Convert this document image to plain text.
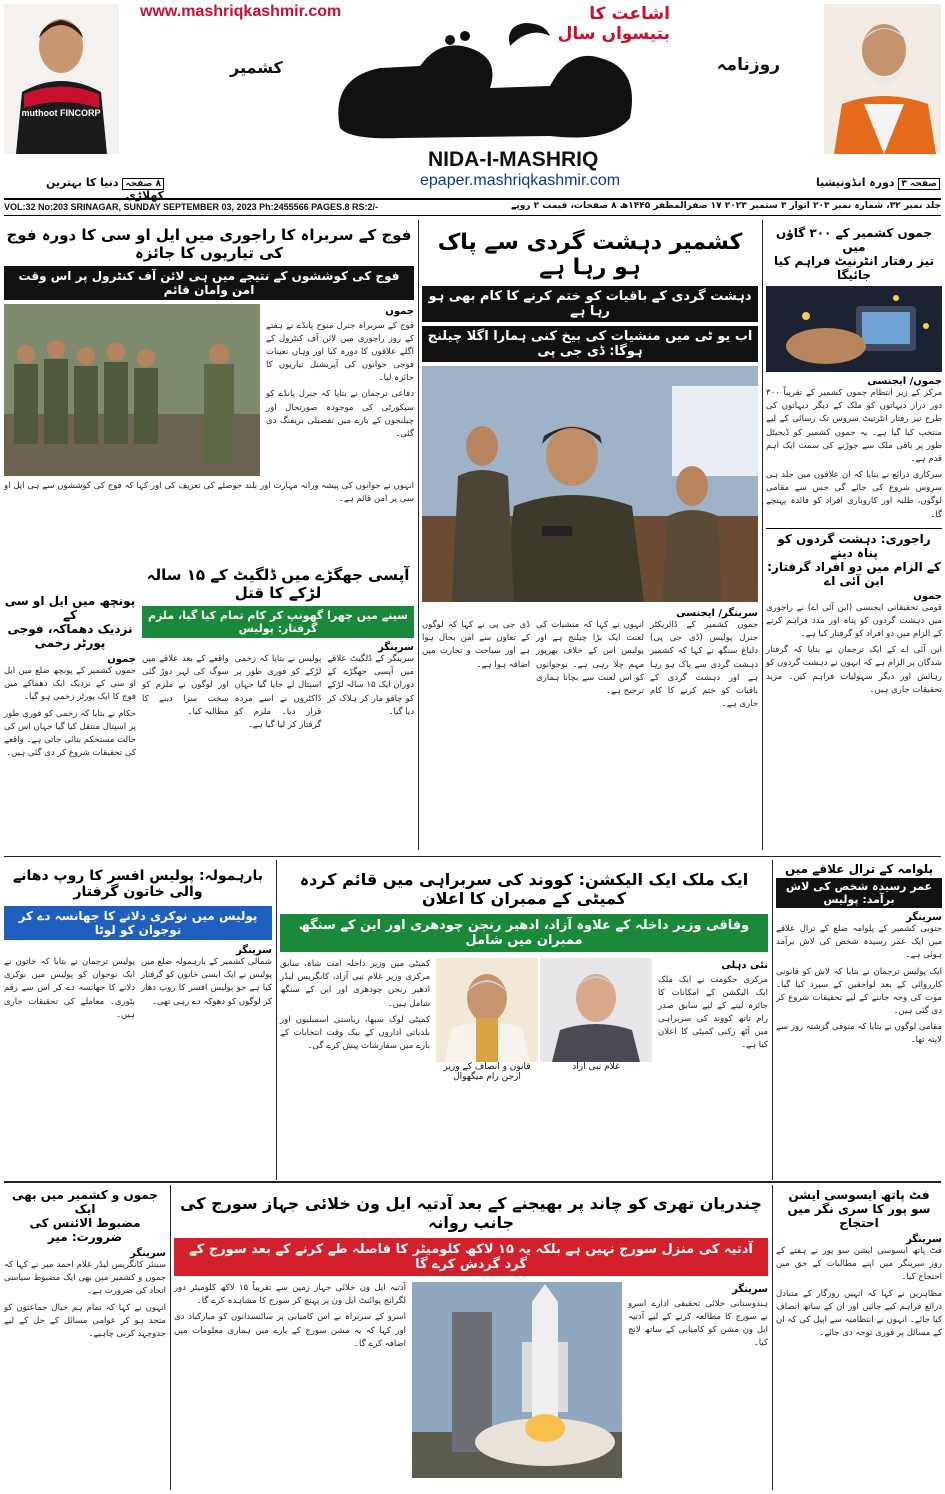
muthoot FINCORP
www.mashriqkashmir.com	اشاعت کا بتیسواں سال
روزنامہ
کشمیر
NIDA-I-MASHRIQ
epaper.mashriqkashmir.com
۸ صفحہ دنیا کا بہترین کھلاڑی
صفحہ ۳ دورہ انڈونیشیا
VOL:32 No:203 SRINAGAR, SUNDAY SEPTEMBER 03, 2023 Ph:2455566 PAGES.8 RS:2/-	جلد نمبر ۳۲، شمارہ نمبر ۲۰۳ اتوار ۳ ستمبر ۲۰۲۳ ۱۷ صفرالمظفر ۱۴۴۵ھ ۸ صفحات، قیمت ۲ روپے
جموں کشمیر کے ۳۰۰ گاؤں میں
تیز رفتار انٹرنیٹ فراہم کیا جائیگا
جموں/ ایجنسی

مرکز کے زیر انتظام جموں کشمیر کے تقریباً ۳۰۰ دور دراز دیہاتوں کو ملک کے دیگر دیہاتوں کی طرح تیز رفتار انٹرنیٹ سروس تک رسائی کے لیے منتخب کیا گیا ہے۔ یہ جموں کشمیر کو ڈیجیٹل طور پر باقی ملک سے جوڑنے کی سمت ایک اہم قدم ہے۔

سرکاری ذرائع نے بتایا کہ ان علاقوں میں جلد ہی سروس شروع کی جائے گی جس سے مقامی لوگوں، طلبہ اور کاروباری افراد کو فائدہ پہنچے گا۔

راجوری: دہشت گردوں کو پناہ دینے
کے الزام میں دو افراد گرفتار: این آئی اے
جموں

قومی تحقیقاتی ایجنسی (این آئی اے) نے راجوری میں دہشت گردوں کو پناہ اور مدد فراہم کرنے کے الزام میں دو افراد کو گرفتار کیا ہے۔

این آئی اے کے ایک ترجمان نے بتایا کہ گرفتار شدگان پر الزام ہے کہ انہوں نے دہشت گردوں کو رہائش اور دیگر سہولیات فراہم کیں۔ مزید تحقیقات جاری ہیں۔

کشمیر دہشت گردی سے پاک ہو رہا ہے
دہشت گردی کے باقیات کو ختم کرنے کا کام بھی ہو رہا ہے
اب یو ٹی میں منشیات کی بیخ کنی ہمارا اگلا چیلنج ہوگا: ڈی جی پی
سرینگر/ ایجنسی

جموں کشمیر کے ڈائریکٹر جنرل پولیس (ڈی جی پی) دلباغ سنگھ نے کہا کہ کشمیر دہشت گردی سے پاک ہو رہا ہے اور دہشت گردی کے باقیات کو ختم کرنے کا کام جاری ہے۔

انہوں نے کہا کہ منشیات کی لعنت ایک بڑا چیلنج ہے اور پولیس اس کے خلاف بھرپور مہم چلا رہی ہے۔ نوجوانوں کو اس لعنت سے بچانا ہماری ترجیح ہے۔

ڈی جی پی نے کہا کہ لوگوں کے تعاون سے امن بحال ہوا ہے اور سیاحت و تجارت میں اضافہ ہوا ہے۔

فوج کے سربراہ کا راجوری میں ایل او سی کا دورہ فوج کی تیاریوں کا جائزہ
فوج کی کوششوں کے نتیجے میں ہی لائن آف کنٹرول پر اس وقت امن وامان قائم
جموں

فوج کے سربراہ جنرل منوج پانڈے نے ہفتے کے روز راجوری میں لائن آف کنٹرول کے اگلے علاقوں کا دورہ کیا اور وہاں تعینات فوجی جوانوں کی آپریشنل تیاریوں کا جائزہ لیا۔

دفاعی ترجمان نے بتایا کہ جنرل پانڈے کو سیکورٹی کی موجودہ صورتحال اور چیلنجوں کے بارے میں تفصیلی بریفنگ دی گئی۔

انہوں نے جوانوں کی پیشہ ورانہ مہارت اور بلند حوصلے کی تعریف کی اور کہا کہ فوج کی کوششوں سے ہی ایل او سی پر امن قائم ہے۔

پونچھ میں ایل او سی کے
نزدیک دھماکہ، فوجی پورٹر زخمی
جموں

جموں کشمیر کے پونچھ ضلع میں ایل او سی کے نزدیک ایک دھماکے میں فوج کا ایک پورٹر زخمی ہو گیا۔

حکام نے بتایا کہ زخمی کو فوری طور پر اسپتال منتقل کیا گیا جہاں اس کی حالت مستحکم بتائی جاتی ہے۔ واقعے کی تحقیقات شروع کر دی گئی ہیں۔

آپسی جھگڑے میں ڈلگیٹ کے ۱۵ سالہ لڑکے کا قتل
سینے میں چھرا گھونپ کر کام تمام کیا گیا، ملزم گرفتار: پولیس
سرینگر

سرینگر کے ڈلگیٹ علاقے میں آپسی جھگڑے کے دوران ایک ۱۵ سالہ لڑکے کو چاقو مار کر ہلاک کر دیا گیا۔

پولیس نے بتایا کہ زخمی لڑکے کو فوری طور پر اسپتال لے جایا گیا جہاں ڈاکٹروں نے اسے مردہ قرار دیا۔ ملزم کو گرفتار کر لیا گیا ہے۔

واقعے کے بعد علاقے میں سوگ کی لہر دوڑ گئی اور لوگوں نے ملزم کو سخت سزا دینے کا مطالبہ کیا۔

پلوامہ کے ترال علاقے میں
عمر رسیدہ شخص کی لاش برآمد: پولیس
سرینگر

جنوبی کشمیر کے پلوامہ ضلع کے ترال علاقے میں ایک عمر رسیدہ شخص کی لاش برآمد ہوئی ہے۔

ایک پولیس ترجمان نے بتایا کہ لاش کو قانونی کارروائی کے بعد لواحقین کے سپرد کیا گیا۔ موت کی وجہ جاننے کے لیے تحقیقات شروع کر دی گئی ہیں۔

مقامی لوگوں نے بتایا کہ متوفی گزشتہ روز سے لاپتہ تھا۔

ایک ملک ایک الیکشن: کووند کی سربراہی میں قائم کردہ کمیٹی کے ممبران کا اعلان
وفاقی وزیر داخلہ کے علاوہ آزاد، ادھیر رنجن چودھری اور این کے سنگھ ممبران میں شامل
نئی دہلی

مرکزی حکومت نے ایک ملک ایک الیکشن کے امکانات کا جائزہ لینے کے لیے سابق صدر رام ناتھ کووند کی سربراہی میں آٹھ رکنی کمیٹی کا اعلان کیا ہے۔

غلام نبی آزاد
قانون و انصاف کے وزیر ارجن رام میگھوال

کمیٹی میں وزیر داخلہ امت شاہ، سابق مرکزی وزیر غلام نبی آزاد، کانگریس لیڈر ادھیر رنجن چودھری اور این کے سنگھ شامل ہیں۔

کمیٹی لوک سبھا، ریاستی اسمبلیوں اور بلدیاتی اداروں کے بیک وقت انتخابات کے بارے میں سفارشات پیش کرے گی۔

بارہمولہ: پولیس افسر کا روپ دھانے والی خاتون گرفتار
پولیس میں نوکری دلانے کا جھانسہ دے کر نوجوان کو لوٹا
سرینگر

شمالی کشمیر کے بارہمولہ ضلع میں پولیس نے ایک ایسی خاتون کو گرفتار کیا ہے جو پولیس افسر کا روپ دھار کر لوگوں کو دھوکہ دے رہی تھی۔

پولیس ترجمان نے بتایا کہ خاتون نے ایک نوجوان کو پولیس میں نوکری دلانے کا جھانسہ دے کر اس سے رقم بٹوری۔ معاملے کی تحقیقات جاری ہیں۔

فٹ پاتھ ایسوسی ایشن
سو پور کا سری نگر میں احتجاج
سرینگر

فٹ پاتھ ایسوسی ایشن سو پور نے ہفتے کے روز سرینگر میں اپنے مطالبات کے حق میں احتجاج کیا۔

مظاہرین نے کہا کہ انہیں روزگار کے متبادل ذرائع فراہم کیے جائیں اور ان کے ساتھ انصاف کیا جائے۔ انہوں نے انتظامیہ سے اپیل کی کہ ان کے مسائل پر فوری توجہ دی جائے۔

چندریان تھری کو چاند پر بھیجنے کے بعد آدتیہ ایل ون خلائی جہاز سورج کی جانب روانہ
آدتیہ کی منزل سورج نہیں ہے بلکہ یہ ۱۵ لاکھ کلومیٹر کا فاصلہ طے کرنے کے بعد سورج کے گرد گردش کرے گا
سرینگر

ہندوستانی خلائی تحقیقی ادارے اسرو نے سورج کا مطالعہ کرنے کے لیے آدتیہ ایل ون مشن کو کامیابی کے ساتھ لانچ کیا۔

آدتیہ ایل ون خلائی جہاز زمین سے تقریباً ۱۵ لاکھ کلومیٹر دور لگرانج پوائنٹ ایل ون پر پہنچ کر سورج کا مشاہدہ کرے گا۔

اسرو کے سربراہ نے اس کامیابی پر سائنسدانوں کو مبارکباد دی اور کہا کہ یہ مشن سورج کے بارے میں ہماری معلومات میں اضافہ کرے گا۔

جموں و کشمیر میں بھی ایک
مضبوط الائنس کی ضرورت: میر
سرینگر

سینئر کانگریس لیڈر غلام احمد میر نے کہا کہ جموں و کشمیر میں بھی ایک مضبوط سیاسی اتحاد کی ضرورت ہے۔

انہوں نے کہا کہ تمام ہم خیال جماعتوں کو متحد ہو کر عوامی مسائل کے حل کے لیے جدوجہد کرنی چاہیے۔
